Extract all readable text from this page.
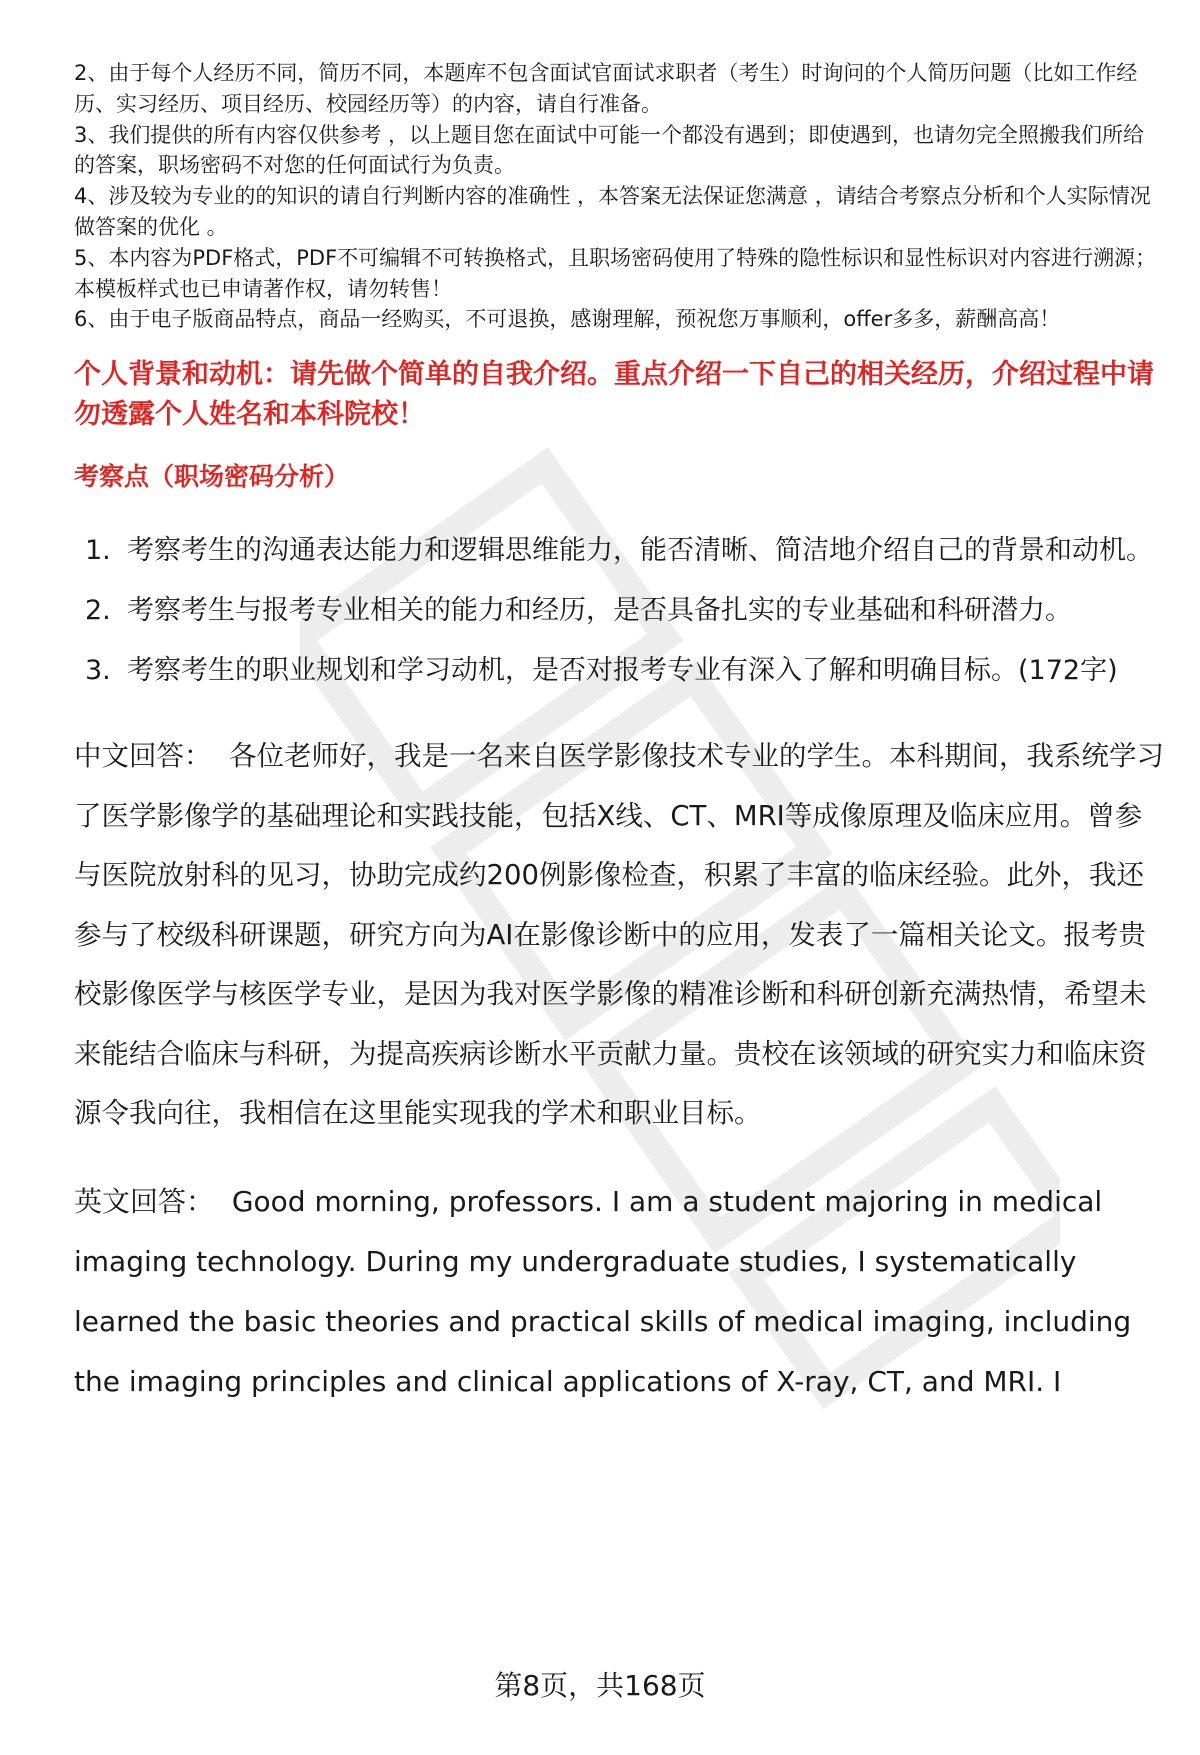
2、由于每个人经历不同，简历不同，本题库不包含面试官面试求职者（考生）时询问的个人简历问题（比如工作经历、实习经历、项目经历、校园经历等）的内容，请自行准备。

3、我们提供的所有内容仅供参考 ，以上题目您在面试中可能一个都没有遇到；即使遇到，也请勿完全照搬我们所给的答案，职场密码不对您的任何面试行为负责。

4、涉及较为专业的的知识的请自行判断内容的准确性 ，本答案无法保证您满意 ，请结合考察点分析和个人实际情况做答案的优化 。

5、本内容为PDF格式，PDF不可编辑不可转换格式，且职场密码使用了特殊的隐性标识和显性标识对内容进行溯源；本模板样式也已申请著作权，请勿转售！

6、由于电子版商品特点，商品一经购买，不可退换，感谢理解，预祝您万事顺利，offer多多，薪酬高高！

个人背景和动机：请先做个简单的自我介绍。重点介绍一下自己的相关经历，介绍过程中请勿透露个人姓名和本科院校！
考察点（职场密码分析）
1. 考察考生的沟通表达能力和逻辑思维能力，能否清晰、简洁地介绍自己的背景和动机。
2. 考察考生与报考专业相关的能力和经历，是否具备扎实的专业基础和科研潜力。
3. 考察考生的职业规划和学习动机，是否对报考专业有深入了解和明确目标。(172字)

中文回答： 各位老师好，我是一名来自医学影像技术专业的学生。本科期间，我系统学习了医学影像学的基础理论和实践技能，包括X线、CT、MRI等成像原理及临床应用。曾参与医院放射科的见习，协助完成约200例影像检查，积累了丰富的临床经验。此外，我还参与了校级科研课题，研究方向为AI在影像诊断中的应用，发表了一篇相关论文。报考贵校影像医学与核医学专业，是因为我对医学影像的精准诊断和科研创新充满热情，希望未来能结合临床与科研，为提高疾病诊断水平贡献力量。贵校在该领域的研究实力和临床资源令我向往，我相信在这里能实现我的学术和职业目标。

英文回答： Good morning, professors. I am a student majoring in medical imaging technology. During my undergraduate studies, I systematically learned the basic theories and practical skills of medical imaging, including the imaging principles and clinical applications of X-ray, CT, and MRI. I

第8页，共168页
